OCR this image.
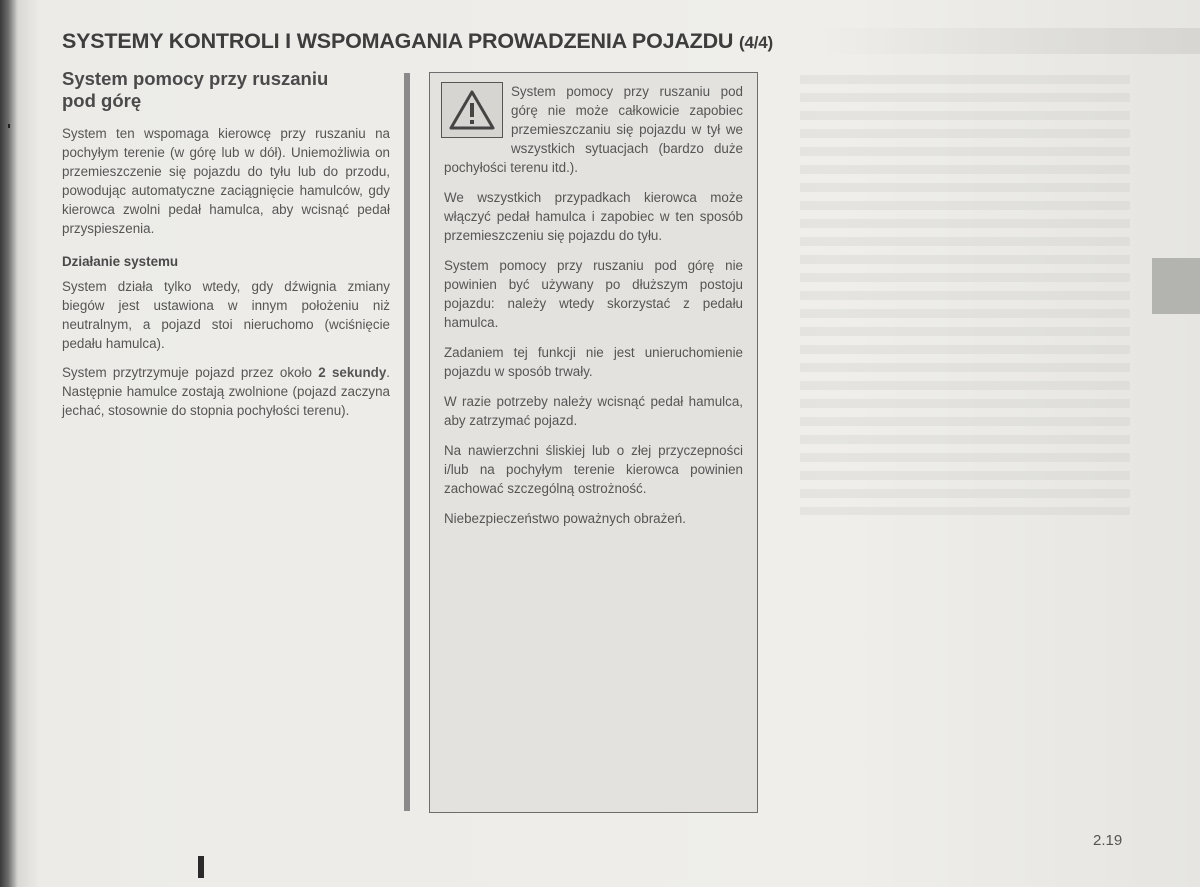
SYSTEMY KONTROLI I WSPOMAGANIA PROWADZENIA POJAZDU (4/4)
System pomocy przy ruszaniu pod górę

System ten wspomaga kierowcę przy ruszaniu na pochyłym terenie (w górę lub w dół). Uniemożliwia on przemieszczenie się pojazdu do tyłu lub do przodu, powodując automatyczne zaciągnięcie hamulców, gdy kierowca zwolni pedał hamulca, aby wcisnąć pedał przyspieszenia.

Działanie systemu

System działa tylko wtedy, gdy dźwignia zmiany biegów jest ustawiona w innym położeniu niż neutralnym, a pojazd stoi nieruchomo (wciśnięcie pedału hamulca).

System przytrzymuje pojazd przez około 2 sekundy. Następnie hamulce zostają zwolnione (pojazd zaczyna jechać, stosownie do stopnia pochyłości terenu).

System pomocy przy ruszaniu pod górę nie może całkowicie zapobiec przemieszczaniu się pojazdu w tył we wszystkich sytuacjach (bardzo duże pochyłości terenu itd.).

We wszystkich przypadkach kierowca może włączyć pedał hamulca i zapobiec w ten sposób przemieszczeniu się pojazdu do tyłu.

System pomocy przy ruszaniu pod górę nie powinien być używany po dłuższym postoju pojazdu: należy wtedy skorzystać z pedału hamulca.

Zadaniem tej funkcji nie jest unieruchomienie pojazdu w sposób trwały.

W razie potrzeby należy wcisnąć pedał hamulca, aby zatrzymać pojazd.

Na nawierzchni śliskiej lub o złej przyczepności i/lub na pochyłym terenie kierowca powinien zachować szczególną ostrożność.

Niebezpieczeństwo poważnych obrażeń.

2.19
